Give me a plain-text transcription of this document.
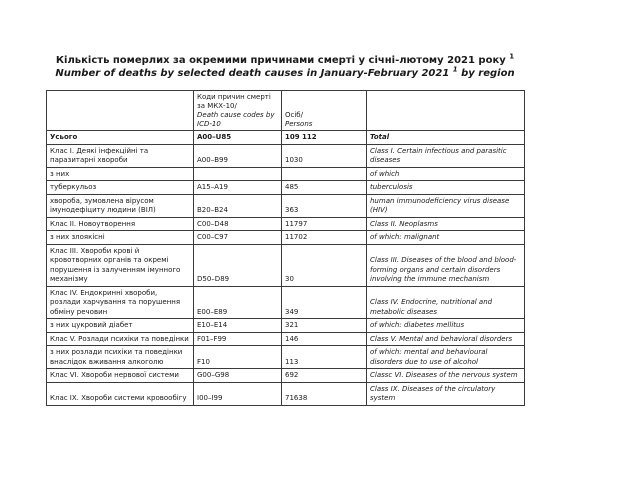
Кількість померлих за окремими причинами смерті у січні-лютому 2021 року $^1$
Number of deaths by selected death causes in January-February 2021 $^1$ by region

Коди причин смерті за МКХ-10/
Death cause codes by ICD-10

Осіб/
Persons

Усього	A00–U85	109 112	Total
Клас I. Деякі інфекційні та паразитарні хвороби	A00–B99	1030	Class I. Certain infectious and parasitic diseases
з них			of which
туберкульоз	A15–A19	485	tuberculosis
хвороба, зумовлена вірусом імунодефіциту людини (ВІЛ)	B20–B24	363	human immunodeficiency virus disease (HIV)
Клас II. Новоутворення	C00–D48	11797	Class II. Neoplasms
з них злоякісні	C00–C97	11702	of which: malignant
Клас III. Хвороби крові й кровотворних органів та окремі порушення із залученням імунного механізму	D50–D89	30	Class III. Diseases of the blood and blood-forming organs and certain disorders involving the immune mechanism
Клас IV. Ендокринні хвороби, розлади харчування та порушення обміну речовин	E00–E89	349	Class IV. Endocrine, nutritional and metabolic diseases
з них цукровий діабет	E10–E14	321	of which: diabetes mellitus
Клас V. Розлади психіки та поведінки	F01–F99	146	Class V. Mental and behavioral disorders
з них розлади психіки та поведінки внаслідок вживання алкоголю	F10	113	of which: mental and behavioural disorders due to use of alcohol
Клас VI. Хвороби нервової системи	G00–G98	692	Classc VI. Diseases of the nervous system
Клас IX. Хвороби системи кровообігу	I00–I99	71638	Class IX. Diseases of the circulatory system
